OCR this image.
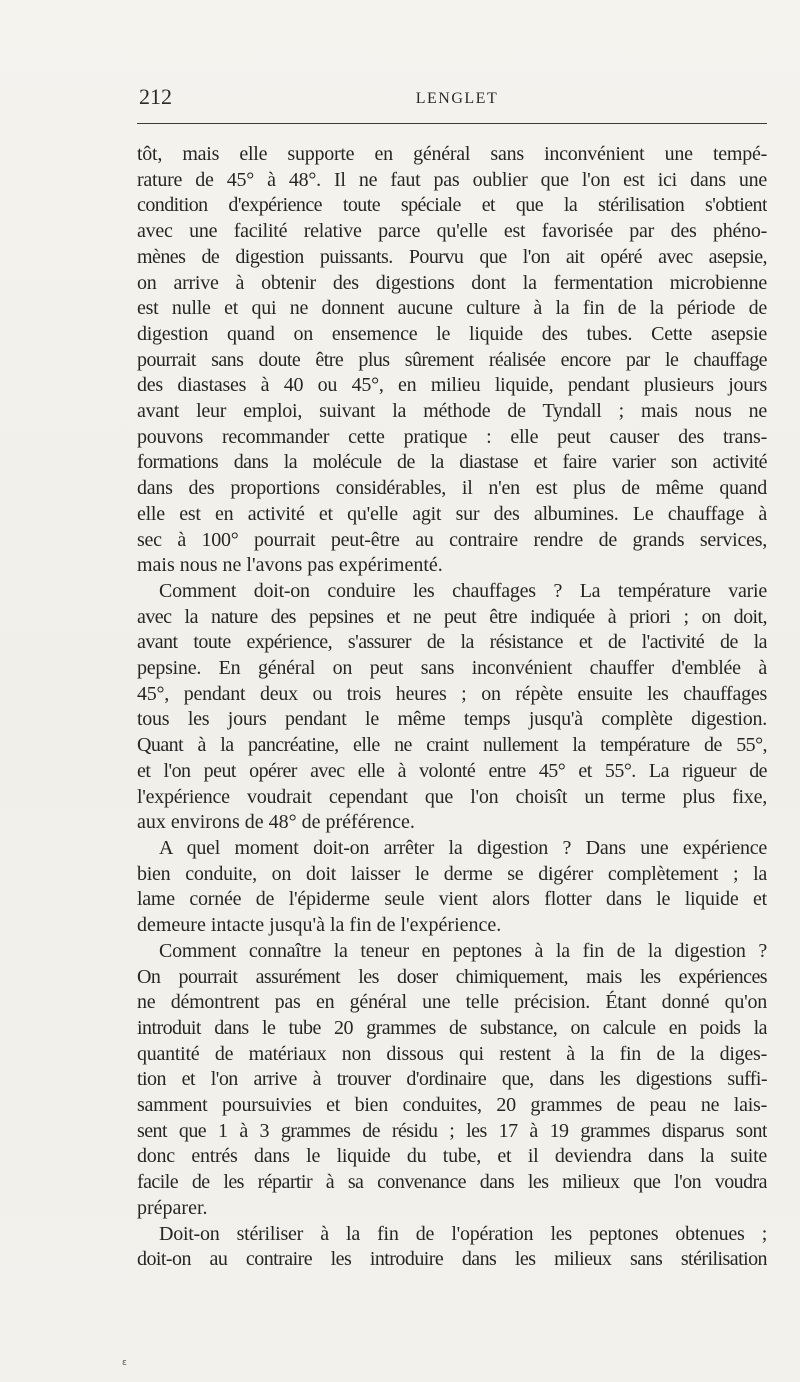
212	LENGLET

tôt, mais elle supporte en général sans inconvénient une tempé‑
rature de 45° à 48°. Il ne faut pas oublier que l'on est ici dans une
condition d'expérience toute spéciale et que la stérilisation s'obtient
avec une facilité relative parce qu'elle est favorisée par des phéno-
mènes de digestion puissants. Pourvu que l'on ait opéré avec asepsie,
on arrive à obtenir des digestions dont la fermentation microbienne
est nulle et qui ne donnent aucune culture à la fin de la période de
digestion quand on ensemence le liquide des tubes. Cette asepsie
pourrait sans doute être plus sûrement réalisée encore par le chauffage
des diastases à 40 ou 45°, en milieu liquide, pendant plusieurs jours
avant leur emploi, suivant la méthode de Tyndall ; mais nous ne
pouvons recommander cette pratique : elle peut causer des trans-
formations dans la molécule de la diastase et faire varier son activité
dans des proportions considérables, il n'en est plus de même quand
elle est en activité et qu'elle agit sur des albumines. Le chauffage à
sec à 100° pourrait peut-être au contraire rendre de grands services,
mais nous ne l'avons pas expérimenté.

Comment doit-on conduire les chauffages ? La température varie
avec la nature des pepsines et ne peut être indiquée à priori ; on doit,
avant toute expérience, s'assurer de la résistance et de l'activité de la
pepsine. En général on peut sans inconvénient chauffer d'emblée à
45°, pendant deux ou trois heures ; on répète ensuite les chauffages
tous les jours pendant le même temps jusqu'à complète digestion.
Quant à la pancréatine, elle ne craint nullement la température de 55°,
et l'on peut opérer avec elle à volonté entre 45° et 55°. La rigueur de
l'expérience voudrait cependant que l'on choisît un terme plus fixe,
aux environs de 48° de préférence.

A quel moment doit-on arrêter la digestion ? Dans une expérience
bien conduite, on doit laisser le derme se digérer complètement ; la
lame cornée de l'épiderme seule vient alors flotter dans le liquide et
demeure intacte jusqu'à la fin de l'expérience.

Comment connaître la teneur en peptones à la fin de la digestion ?
On pourrait assurément les doser chimiquement, mais les expériences
ne démontrent pas en général une telle précision. Étant donné qu'on
introduit dans le tube 20 grammes de substance, on calcule en poids la
quantité de matériaux non dissous qui restent à la fin de la diges-
tion et l'on arrive à trouver d'ordinaire que, dans les digestions suffi-
samment poursuivies et bien conduites, 20 grammes de peau ne lais-
sent que 1 à 3 grammes de résidu ; les 17 à 19 grammes disparus sont
donc entrés dans le liquide du tube, et il deviendra dans la suite
facile de les répartir à sa convenance dans les milieux que l'on voudra
préparer.

Doit-on stériliser à la fin de l'opération les peptones obtenues ;
doit-on au contraire les introduire dans les milieux sans stérilisation

ɛ
